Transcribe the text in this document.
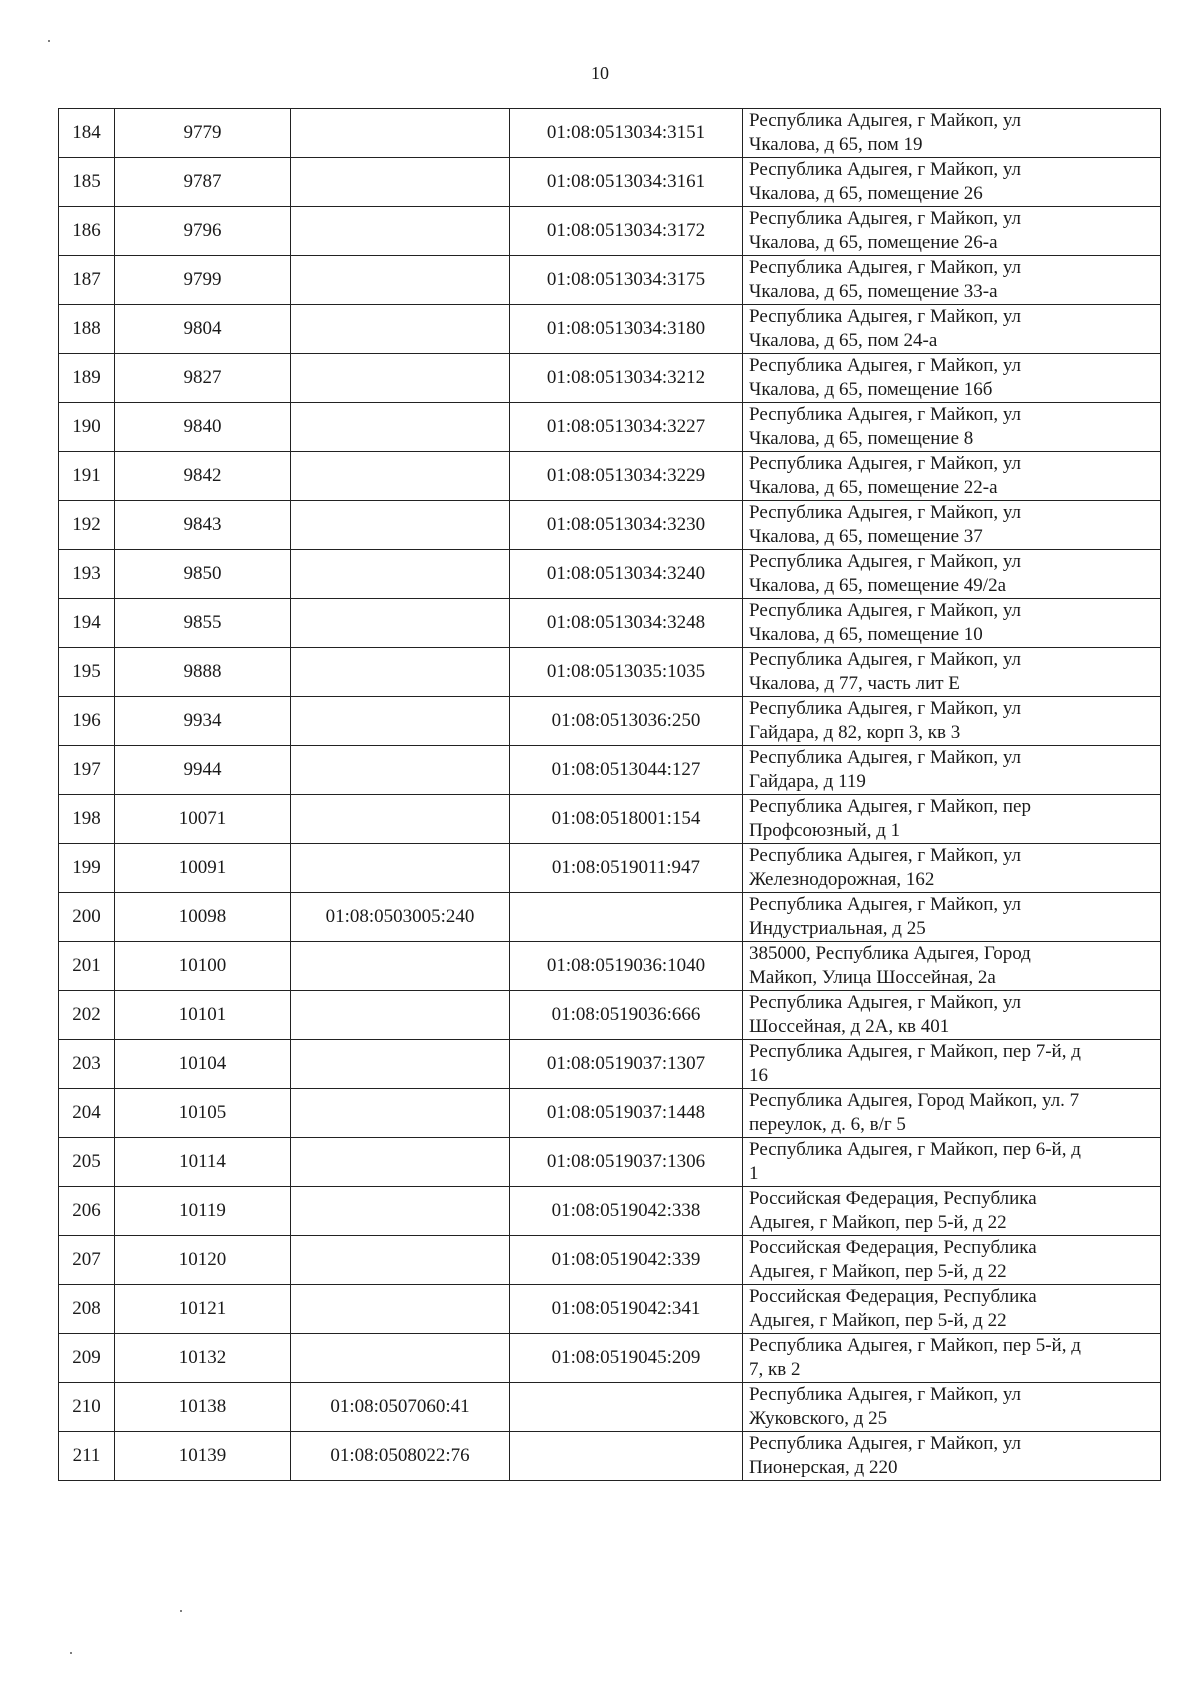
10
184	9779		01:08:0513034:3151	Республика Адыгея, г Майкоп, ул
Чкалова, д 65, пом 19

185	9787		01:08:0513034:3161	Республика Адыгея, г Майкоп, ул
Чкалова, д 65, помещение 26

186	9796		01:08:0513034:3172	Республика Адыгея, г Майкоп, ул
Чкалова, д 65, помещение 26-а

187	9799		01:08:0513034:3175	Республика Адыгея, г Майкоп, ул
Чкалова, д 65, помещение 33-а

188	9804		01:08:0513034:3180	Республика Адыгея, г Майкоп, ул
Чкалова, д 65, пом 24-а

189	9827		01:08:0513034:3212	Республика Адыгея, г Майкоп, ул
Чкалова, д 65, помещение 16б

190	9840		01:08:0513034:3227	Республика Адыгея, г Майкоп, ул
Чкалова, д 65, помещение 8

191	9842		01:08:0513034:3229	Республика Адыгея, г Майкоп, ул
Чкалова, д 65, помещение 22-а

192	9843		01:08:0513034:3230	Республика Адыгея, г Майкоп, ул
Чкалова, д 65, помещение 37

193	9850		01:08:0513034:3240	Республика Адыгея, г Майкоп, ул
Чкалова, д 65, помещение 49/2а

194	9855		01:08:0513034:3248	Республика Адыгея, г Майкоп, ул
Чкалова, д 65, помещение 10

195	9888		01:08:0513035:1035	Республика Адыгея, г Майкоп, ул
Чкалова, д 77, часть лит Е

196	9934		01:08:0513036:250	Республика Адыгея, г Майкоп, ул
Гайдара, д 82, корп 3, кв 3

197	9944		01:08:0513044:127	Республика Адыгея, г Майкоп, ул
Гайдара, д 119

198	10071		01:08:0518001:154	Республика Адыгея, г Майкоп, пер
Профсоюзный, д 1

199	10091		01:08:0519011:947	Республика Адыгея, г Майкоп, ул
Железнодорожная, 162

200	10098	01:08:0503005:240		Республика Адыгея, г Майкоп, ул
Индустриальная, д 25

201	10100		01:08:0519036:1040	385000, Республика Адыгея, Город
Майкоп, Улица Шоссейная, 2а

202	10101		01:08:0519036:666	Республика Адыгея, г Майкоп, ул
Шоссейная, д 2А, кв 401

203	10104		01:08:0519037:1307	Республика Адыгея, г Майкоп, пер 7-й, д
16

204	10105		01:08:0519037:1448	Республика Адыгея, Город Майкоп, ул. 7
переулок, д. 6, в/г 5

205	10114		01:08:0519037:1306	Республика Адыгея, г Майкоп, пер 6-й, д
1

206	10119		01:08:0519042:338	Российская Федерация, Республика
Адыгея, г Майкоп, пер 5-й, д 22

207	10120		01:08:0519042:339	Российская Федерация, Республика
Адыгея, г Майкоп, пер 5-й, д 22

208	10121		01:08:0519042:341	Российская Федерация, Республика
Адыгея, г Майкоп, пер 5-й, д 22

209	10132		01:08:0519045:209	Республика Адыгея, г Майкоп, пер 5-й, д
7, кв 2

210	10138	01:08:0507060:41		Республика Адыгея, г Майкоп, ул
Жуковского, д 25

211	10139	01:08:0508022:76		Республика Адыгея, г Майкоп, ул
Пионерская, д 220
